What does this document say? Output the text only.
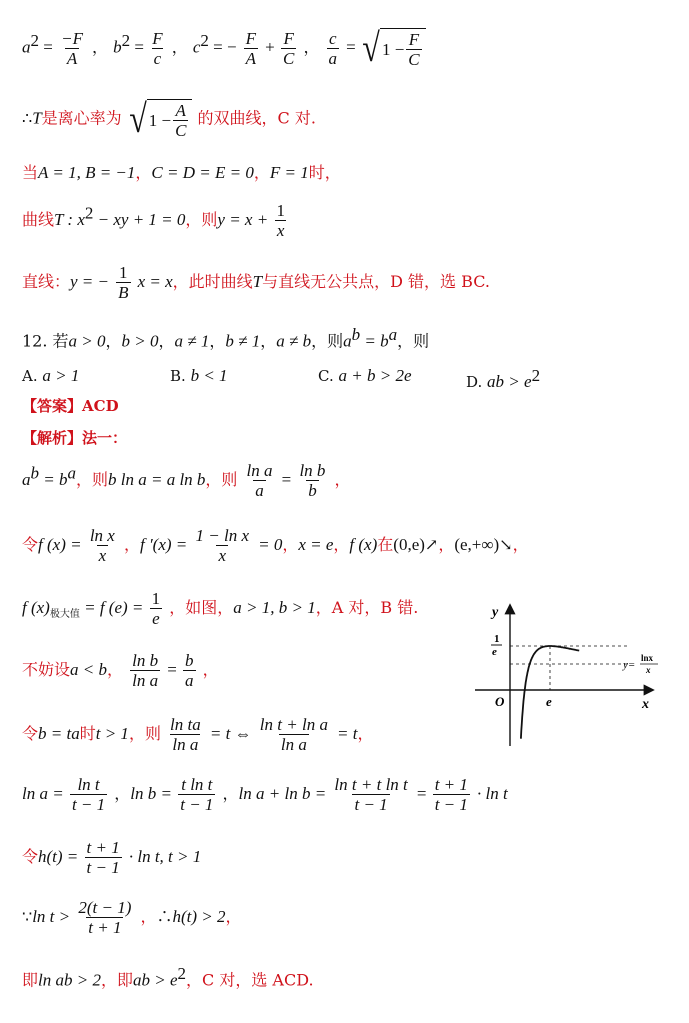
$a^2 = \frac{-F}{A}$ ， $b^2 = \frac{F}{c}$ ， $c^2$ = − $\frac{F}{A} + \frac{F}{C}$ ， $\frac{c}{a}$ = √ $1 - \frac{F}{C}$
∴T是离心率为 √ $1 - \frac{A}{C}$ 的双曲线，C 对.
当A = 1, B = −1，C = D = E = 0，F = 1时，
曲线T : $x^2$ − xy + 1 = 0，则$y = x + \frac{1}{x}$
直线：y = − $\frac{1}{B}$ x = x，此时曲线T与直线无公共点，D 错，选 BC.
12. 若a > 0，b > 0，a ≠ 1，b ≠ 1，a ≠ b，则$a^b = b^a$，则
A. a > 1	B. b < 1	C. a + b > 2e	D. ab > $e^2$
【答案】ACD
【解析】法一：
$a^b = b^a$，则b ln a = a ln b，则 $\frac{\text{ln a}}{a} = \frac{\text{ln b}}{b}$ ，
令f $(x) = \frac{\text{ln x}}{x}$ ，f $'(x) = \frac{\text{1 − ln x}}{x} = 0$，x = e，f (x)在(0,e)↗，(e,+∞)↘，
f $(x)_{极大值} = f$ $(e) = \frac{1}{e}$ ，如图，a > 1, b > 1，A 对，B 错.
不妨设a < b， $\frac{\text{ln b}}{\text{ln a}} = \frac{b}{a}$ ，
令b = ta时t > 1，则 $\frac{\text{ln ta}}{\text{ln a}} = t$ ⇔ $\frac{\text{ln t + ln a}}{\text{ln a}} = t$，
$\ln a = \frac{\text{ln t}}{t - 1}$ ，$\ln b = \frac{\text{t ln t}}{t - 1}$ ，$\ln a + \ln b = \frac{\text{ln t + t ln t}}{t - 1} = \frac{t + 1}{t - 1} \cdot \ln t$
令$h(t) = \frac{t + 1}{t - 1} \cdot \ln t$, t > 1
∵ln $t > \frac{2(t - 1)}{t + 1}$ ，∴h(t) > 2，
即ln ab > 2，即ab > $e^2$，C 对，选 ACD.
y
x
O	e
1
e
y=
lnx
x
